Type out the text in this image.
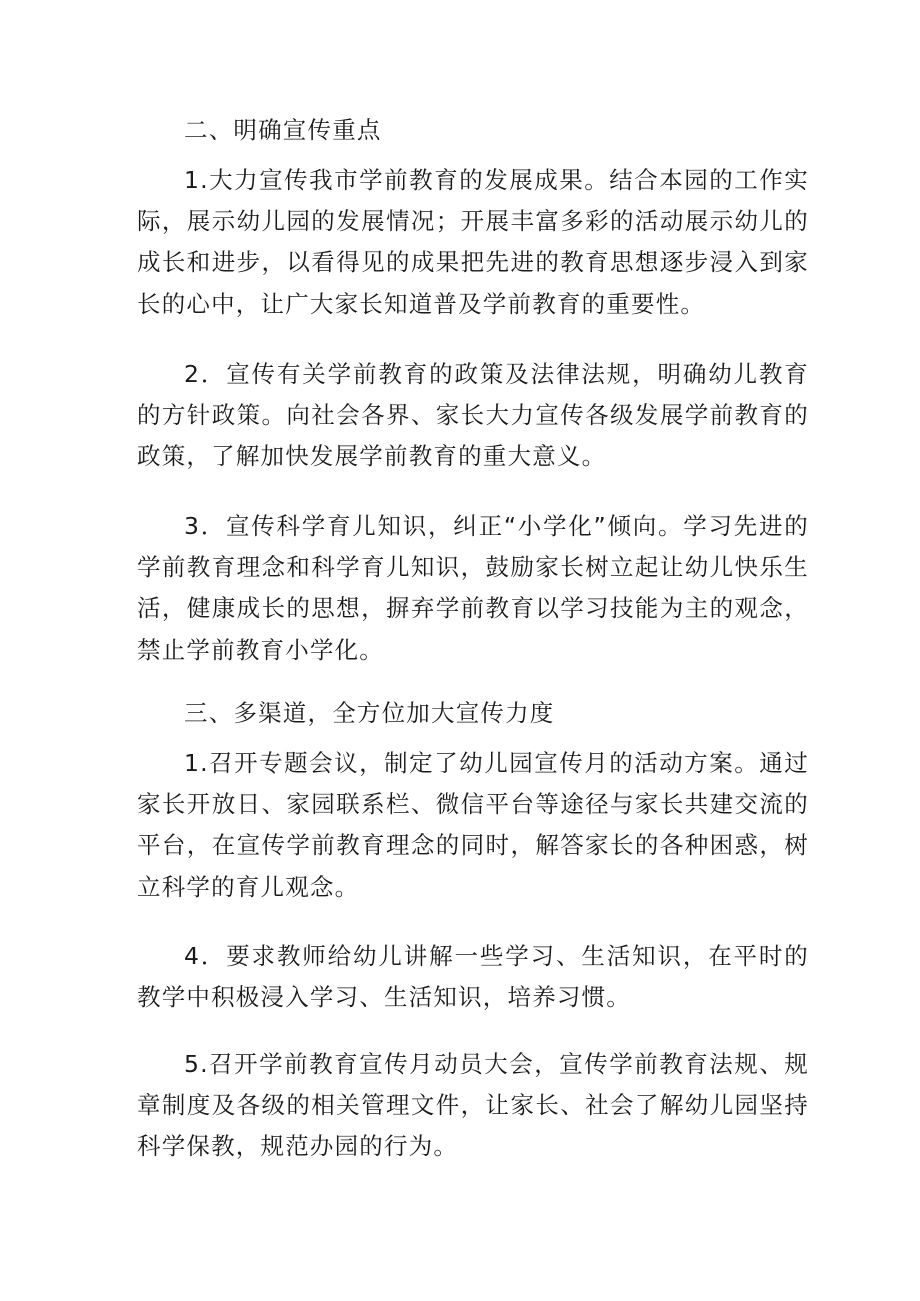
二、明确宣传重点

1.大力宣传我市学前教育的发展成果。结合本园的工作实际，展示幼儿园的发展情况；开展丰富多彩的活动展示幼儿的成长和进步，以看得见的成果把先进的教育思想逐步浸入到家长的心中，让广大家长知道普及学前教育的重要性。

2．宣传有关学前教育的政策及法律法规，明确幼儿教育的方针政策。向社会各界、家长大力宣传各级发展学前教育的政策，了解加快发展学前教育的重大意义。

3．宣传科学育儿知识，纠正“小学化”倾向。学习先进的学前教育理念和科学育儿知识，鼓励家长树立起让幼儿快乐生活，健康成长的思想，摒弃学前教育以学习技能为主的观念，禁止学前教育小学化。

三、多渠道，全方位加大宣传力度

1.召开专题会议，制定了幼儿园宣传月的活动方案。通过家长开放日、家园联系栏、微信平台等途径与家长共建交流的平台，在宣传学前教育理念的同时，解答家长的各种困惑，树立科学的育儿观念。

4．要求教师给幼儿讲解一些学习、生活知识，在平时的教学中积极浸入学习、生活知识，培养习惯。

5.召开学前教育宣传月动员大会，宣传学前教育法规、规章制度及各级的相关管理文件，让家长、社会了解幼儿园坚持科学保教，规范办园的行为。
